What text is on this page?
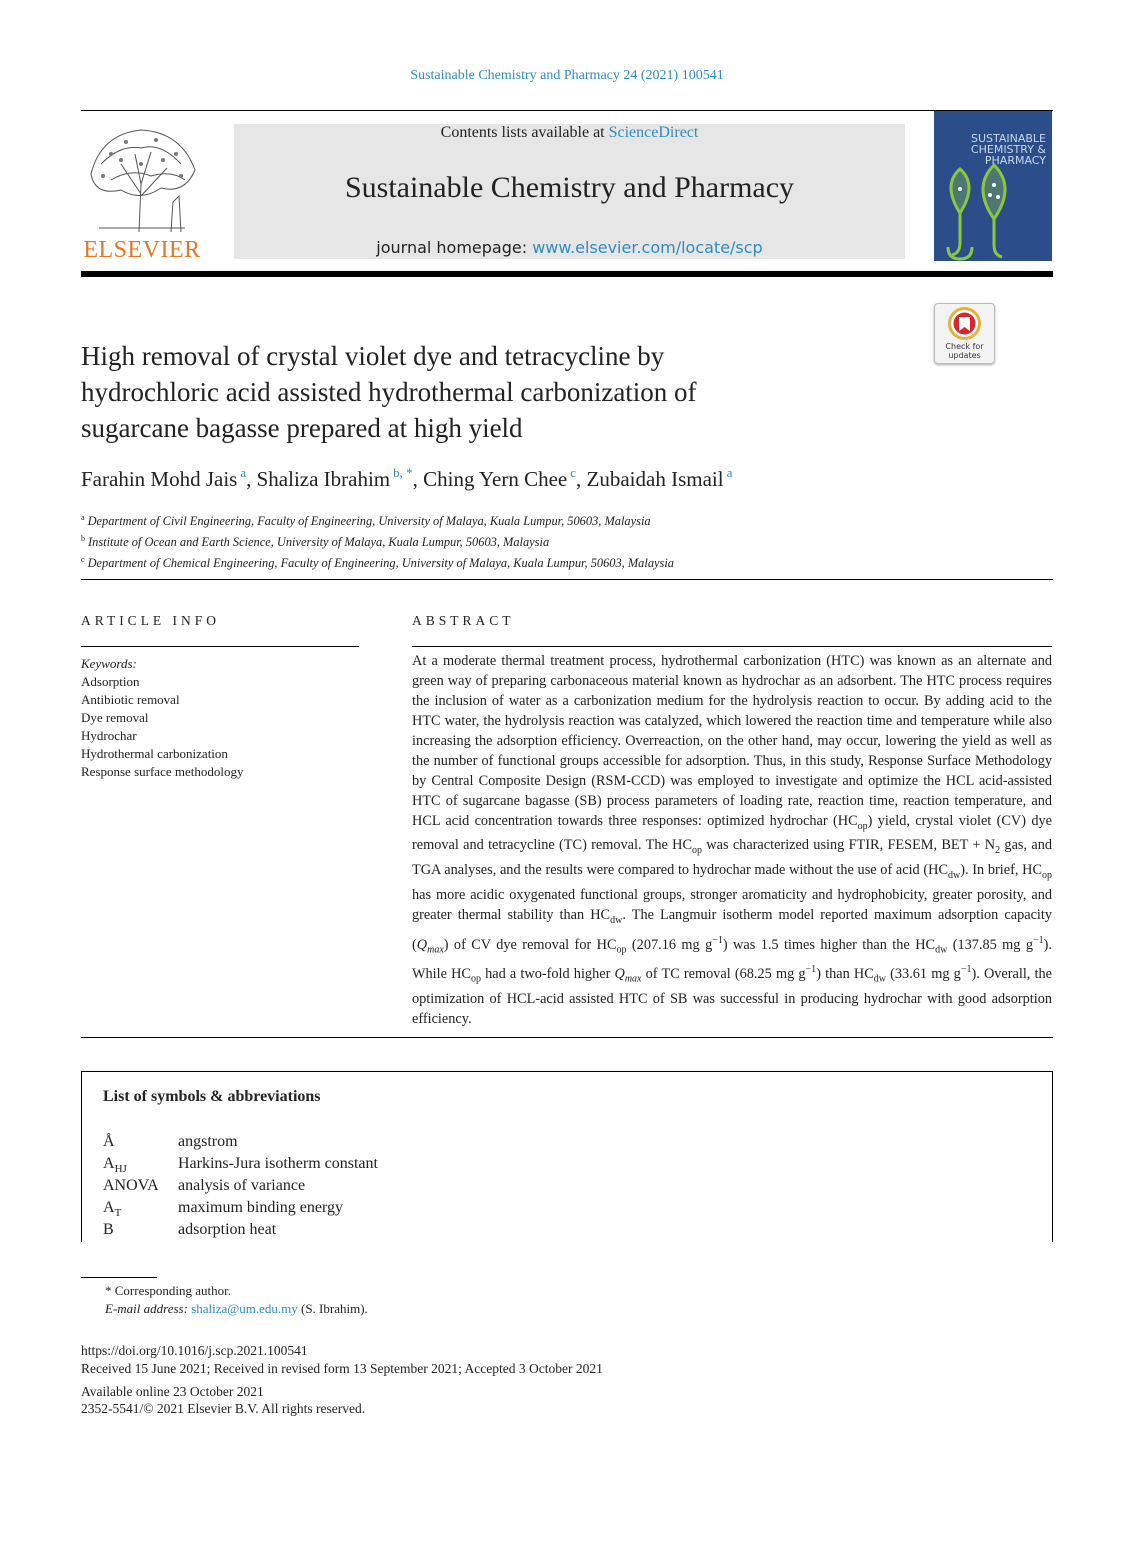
Sustainable Chemistry and Pharmacy 24 (2021) 100541
ELSEVIER
Contents lists available at ScienceDirect
Sustainable Chemistry and Pharmacy
journal homepage: www.elsevier.com/locate/scp
SUSTAINABLE
CHEMISTRY &
PHARMACY
Check for updates
High removal of crystal violet dye and tetracycline by
hydrochloric acid assisted hydrothermal carbonization of
sugarcane bagasse prepared at high yield
Farahin Mohd Jais $^a$, Shaliza Ibrahim $^{b, *}$, Ching Yern Chee $^c$, Zubaidah Ismail $^a$
$^a$ Department of Civil Engineering, Faculty of Engineering, University of Malaya, Kuala Lumpur, 50603, Malaysia
$^b$ Institute of Ocean and Earth Science, University of Malaya, Kuala Lumpur, 50603, Malaysia
$^c$ Department of Chemical Engineering, Faculty of Engineering, University of Malaya, Kuala Lumpur, 50603, Malaysia
ARTICLE INFO
Keywords:
Adsorption
Antibiotic removal
Dye removal
Hydrochar
Hydrothermal carbonization
Response surface methodology
ABSTRACT
At a moderate thermal treatment process, hydrothermal carbonization (HTC) was known as an alternate and green way of preparing carbonaceous material known as hydrochar as an adsorbent. The HTC process requires the inclusion of water as a carbonization medium for the hydrolysis reaction to occur. By adding acid to the HTC water, the hydrolysis reaction was catalyzed, which lowered the reaction time and temperature while also increasing the adsorption efficiency. Overreaction, on the other hand, may occur, lowering the yield as well as the number of functional groups accessible for adsorption. Thus, in this study, Response Surface Methodology by Central Composite Design (RSM-CCD) was employed to investigate and optimize the HCL acid-assisted HTC of sugarcane bagasse (SB) process parameters of loading rate, reaction time, reaction temperature, and HCL acid concentration towards three responses: optimized hydrochar $(HC_{op})$ yield, crystal violet (CV) dye removal and tetracycline (TC) removal. The $HC_{op}$ was characterized using FTIR, FESEM, BET + $N_2$ gas, and TGA analyses, and the results were compared to hydrochar made without the use of acid $(HC_{dw})$. In brief, $HC_{op}$ has more acidic oxygenated functional groups, stronger aromaticity and hydrophobicity, greater porosity, and greater thermal stability than $HC_{dw}$. The Langmuir isotherm model reported maximum adsorption capacity $(Q_{max})$ of CV dye removal for $HC_{op}$ (207.16 mg $g^{-1}$) was 1.5 times higher than the $HC_{dw}$ (137.85 mg $g^{-1}$). While $HC_{op}$ had a two-fold higher $Q_{max}$ of TC removal (68.25 mg $g^{-1}$) than $HC_{dw}$ (33.61 mg $g^{-1}$). Overall, the optimization of HCL-acid assisted HTC of SB was successful in producing hydrochar with good adsorption efficiency.
List of symbols & abbreviations
Å	angstrom
$A_{HJ}$	Harkins-Jura isotherm constant
ANOVA analysis of variance
$A_T$	maximum binding energy
B	adsorption heat
* Corresponding author.
E-mail address: shaliza@um.edu.my (S. Ibrahim).
https://doi.org/10.1016/j.scp.2021.100541
Received 15 June 2021; Received in revised form 13 September 2021; Accepted 3 October 2021
Available online 23 October 2021
2352-5541/© 2021 Elsevier B.V. All rights reserved.
